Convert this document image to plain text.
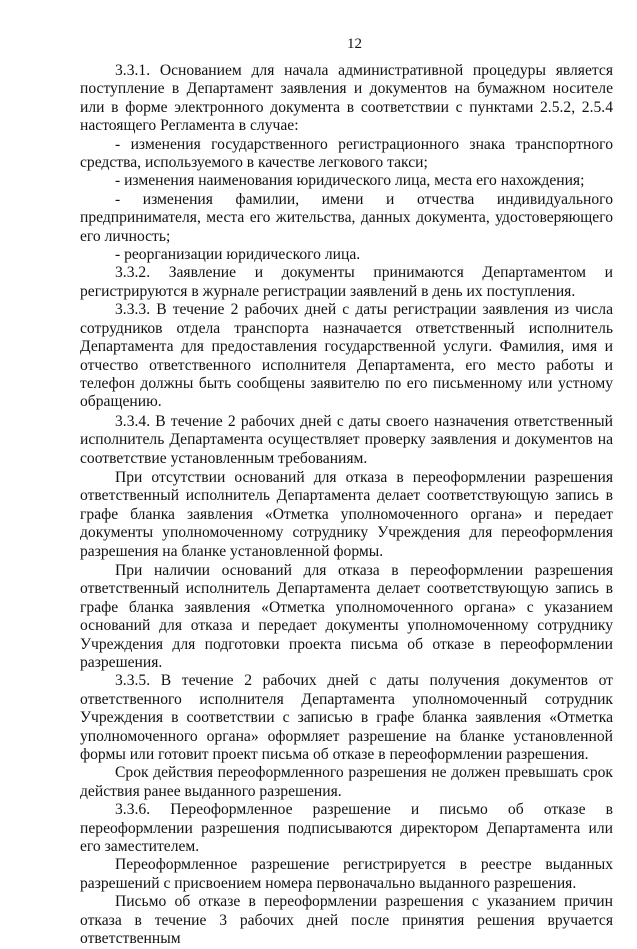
12

3.3.1. Основанием для начала административной процедуры является поступление в Департамент заявления и документов на бумажном носителе или в форме электронного документа в соответствии с пунктами 2.5.2, 2.5.4 настоящего Регламента в случае:

- изменения государственного регистрационного знака транспортного средства, используемого в качестве легкового такси;

- изменения наименования юридического лица, места его нахождения;

- изменения фамилии, имени и отчества индивидуального предпринимателя, места его жительства, данных документа, удостоверяющего его личность;

- реорганизации юридического лица.

3.3.2. Заявление и документы принимаются Департаментом и регистрируются в журнале регистрации заявлений в день их поступления.

3.3.3. В течение 2 рабочих дней с даты регистрации заявления из числа сотрудников отдела транспорта назначается ответственный исполнитель Департамента для предоставления государственной услуги. Фамилия, имя и отчество ответственного исполнителя Департамента, его место работы и телефон должны быть сообщены заявителю по его письменному или устному обращению.

3.3.4. В течение 2 рабочих дней с даты своего назначения ответственный исполнитель Департамента осуществляет проверку заявления и документов на соответствие установленным требованиям.

При отсутствии оснований для отказа в переоформлении разрешения ответственный исполнитель Департамента делает соответствующую запись в графе бланка заявления «Отметка уполномоченного органа» и передает документы уполномоченному сотруднику Учреждения для переоформления разрешения на бланке установленной формы.

При наличии оснований для отказа в переоформлении разрешения ответственный исполнитель Департамента делает соответствующую запись в графе бланка заявления «Отметка уполномоченного органа» с указанием оснований для отказа и передает документы уполномоченному сотруднику Учреждения для подготовки проекта письма об отказе в переоформлении разрешения.

3.3.5. В течение 2 рабочих дней с даты получения документов от ответственного исполнителя Департамента уполномоченный сотрудник Учреждения в соответствии с записью в графе бланка заявления «Отметка уполномоченного органа» оформляет разрешение на бланке установленной формы или готовит проект письма об отказе в переоформлении разрешения.

Срок действия переоформленного разрешения не должен превышать срок действия ранее выданного разрешения.

3.3.6. Переоформленное разрешение и письмо об отказе в переоформлении разрешения подписываются директором Департамента или его заместителем.

Переоформленное разрешение регистрируется в реестре выданных разрешений с присвоением номера первоначально выданного разрешения.

Письмо об отказе в переоформлении разрешения с указанием причин отказа в течение 3 рабочих дней после принятия решения вручается ответственным
